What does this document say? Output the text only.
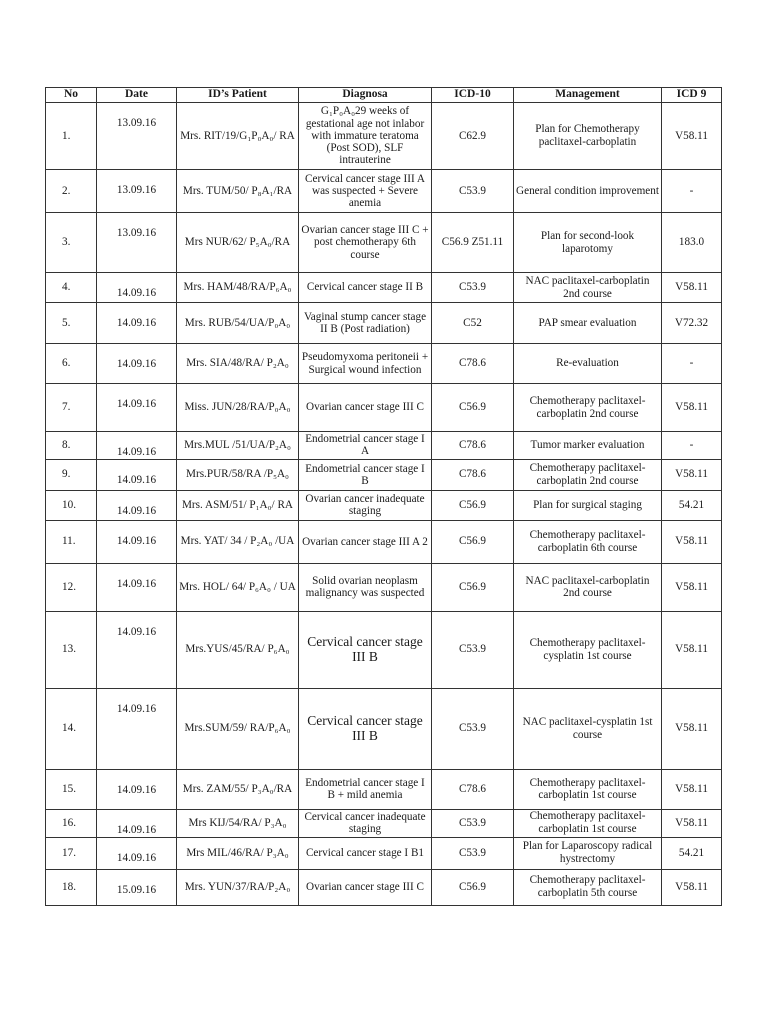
No	Date	ID’s Patient	Diagnosa	ICD-10	Management	ICD 9
1.	13.09.16	Mrs. RIT/19/G₁P₀A₀/ RA	G₁P₀A₀29 weeks of gestational age not inlabor with immature teratoma (Post SOD), SLF intrauterine	C62.9	Plan for Chemotherapy paclitaxel-carboplatin	V58.11
2.	13.09.16	Mrs. TUM/50/ P₈A₁/RA	Cervical cancer stage III A was suspected + Severe anemia	C53.9	General condition improvement	-
3.	13.09.16	Mrs NUR/62/ P₅A₀/RA	Ovarian cancer stage III C + post chemotherapy 6th course	C56.9 Z51.11	Plan for second-look laparotomy	183.0
4.	14.09.16	Mrs. HAM/48/RA/P₆A₀	Cervical cancer stage II B	C53.9	NAC paclitaxel-carboplatin 2nd course	V58.11
5.	14.09.16	Mrs. RUB/54/UA/P₀A₀	Vaginal stump cancer stage II B (Post radiation)	C52	PAP smear evaluation	V72.32
6.	14.09.16	Mrs. SIA/48/RA/ P₂A₀	Pseudomyxoma peritoneii + Surgical wound infection	C78.6	Re-evaluation	-
7.	14.09.16	Miss. JUN/28/RA/P₀A₀	Ovarian cancer stage III C	C56.9	Chemotherapy paclitaxel-carboplatin 2nd course	V58.11
8.	14.09.16	Mrs.MUL /51/UA/P₂A₀	Endometrial cancer stage I A	C78.6	Tumor marker evaluation	-
9.	14.09.16	Mrs.PUR/58/RA /P₅A₀	Endometrial cancer stage I B	C78.6	Chemotherapy paclitaxel-carboplatin 2nd course	V58.11
10.	14.09.16	Mrs. ASM/51/ P₁A₀/ RA	Ovarian cancer inadequate staging	C56.9	Plan for surgical staging	54.21
11.	14.09.16	Mrs. YAT/ 34 / P₂A₀ /UA	Ovarian cancer stage III A 2	C56.9	Chemotherapy paclitaxel-carboplatin 6th course	V58.11
12.	14.09.16	Mrs. HOL/ 64/ P₆A₀ / UA	Solid ovarian neoplasm malignancy was suspected	C56.9	NAC paclitaxel-carboplatin 2nd course	V58.11
13.	14.09.16	Mrs.YUS/45/RA/ P₆A₀	Cervical cancer stage III B	C53.9	Chemotherapy paclitaxel-cysplatin 1st course	V58.11
14.	14.09.16	Mrs.SUM/59/ RA/P₆A₀	Cervical cancer stage III B	C53.9	NAC paclitaxel-cysplatin 1st course	V58.11
15.	14.09.16	Mrs. ZAM/55/ P₃A₀/RA	Endometrial cancer stage I B + mild anemia	C78.6	Chemotherapy paclitaxel-carboplatin 1st course	V58.11
16.	14.09.16	Mrs KIJ/54/RA/ P₃A₀	Cervical cancer inadequate staging	C53.9	Chemotherapy paclitaxel-carboplatin 1st course	V58.11
17.	14.09.16	Mrs MIL/46/RA/ P₃A₀	Cervical cancer stage I B1	C53.9	Plan for Laparoscopy radical hystrectomy	54.21
18.	15.09.16	Mrs. YUN/37/RA/P₂A₀	Ovarian cancer stage III C	C56.9	Chemotherapy paclitaxel-carboplatin 5th course	V58.11
